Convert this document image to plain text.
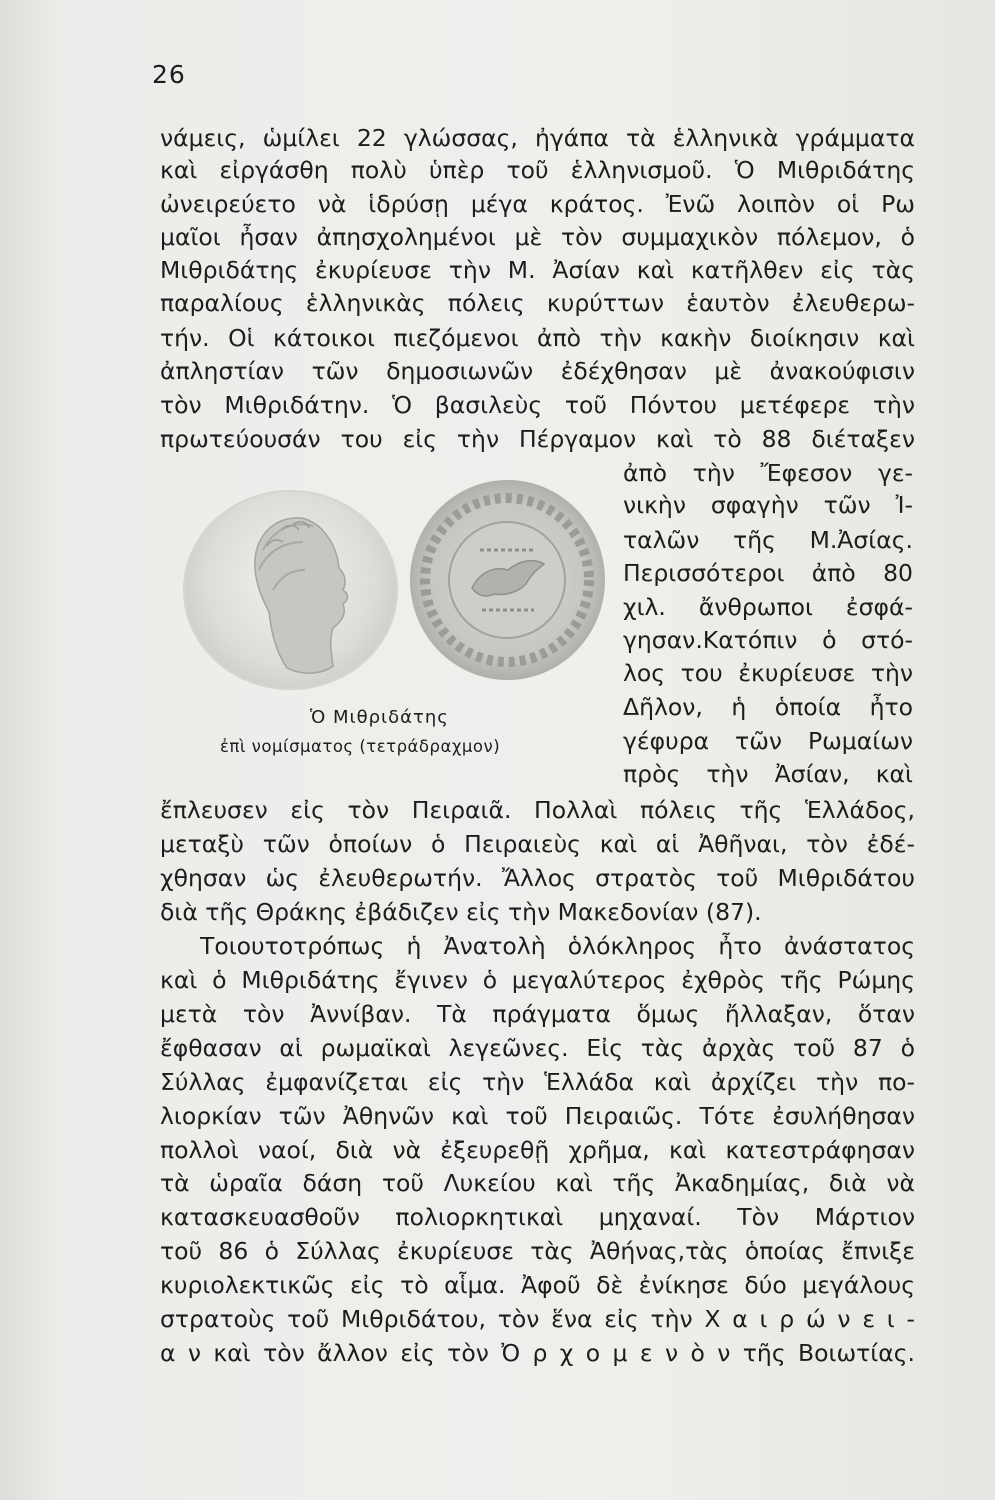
26
νάμεις, ὡμίλει 22 γλώσσας, ἠγάπα τὰ ἑλληνικὰ γράμματα
καὶ εἰργάσθη πολὺ ὑπὲρ τοῦ ἑλληνισμοῦ. Ὁ Μιθριδάτης
ὠνειρεύετο νὰ ἱδρύσῃ μέγα κράτος. Ἐνῶ λοιπὸν οἱ Ρω
μαῖοι ἦσαν ἀπησχολημένοι μὲ τὸν συμμαχικὸν πόλεμον, ὁ
Μιθριδάτης ἐκυρίευσε τὴν Μ. Ἀσίαν καὶ κατῆλθεν εἰς τὰς
παραλίους ἑλληνικὰς πόλεις κυρύττων ἑαυτὸν ἐλευθερω-
τήν. Οἱ κάτοικοι πιεζόμενοι ἀπὸ τὴν κακὴν διοίκησιν καὶ
ἀπληστίαν τῶν δημοσιωνῶν ἐδέχθησαν μὲ ἀνακούφισιν
τὸν Μιθριδάτην. Ὁ βασιλεὺς τοῦ Πόντου μετέφερε τὴν
πρωτεύουσάν του εἰς τὴν Πέργαμον καὶ τὸ 88 διέταξεν
ἀπὸ τὴν Ἔφεσον γε-
νικὴν σφαγὴν τῶν Ἰ-
ταλῶν τῆς Μ.Ἀσίας.
Περισσότεροι ἀπὸ 80
χιλ. ἄνθρωποι ἐσφά-
γησαν.Κατόπιν ὁ στό-
λος του ἐκυρίευσε τὴν
Δῆλον, ἡ ὁποία ἦτο
γέφυρα τῶν Ρωμαίων
πρὸς τὴν Ἀσίαν, καὶ
Ὁ Μιθριδάτης
ἐπὶ νομίσματος (τετράδραχμον)
ἔπλευσεν εἰς τὸν Πειραιᾶ. Πολλαὶ πόλεις τῆς Ἑλλάδος,
μεταξὺ τῶν ὁποίων ὁ Πειραιεὺς καὶ αἱ Ἀθῆναι, τὸν ἐδέ-
χθησαν ὡς ἐλευθερωτήν. Ἄλλος στρατὸς τοῦ Μιθριδάτου
διὰ τῆς Θράκης ἐβάδιζεν εἰς τὴν Μακεδονίαν (87).
Τοιουτοτρόπως ἡ Ἀνατολὴ ὁλόκληρος ἦτο ἀνάστατος
καὶ ὁ Μιθριδάτης ἔγινεν ὁ μεγαλύτερος ἐχθρὸς τῆς Ρώμης
μετὰ τὸν Ἀννίβαν. Τὰ πράγματα ὅμως ἤλλαξαν, ὅταν
ἔφθασαν αἱ ρωμαϊκαὶ λεγεῶνες. Εἰς τὰς ἀρχὰς τοῦ 87 ὁ
Σύλλας ἐμφανίζεται εἰς τὴν Ἑλλάδα καὶ ἀρχίζει τὴν πο-
λιορκίαν τῶν Ἀθηνῶν καὶ τοῦ Πειραιῶς. Τότε ἐσυλήθησαν
πολλοὶ ναοί, διὰ νὰ ἐξευρεθῇ χρῆμα, καὶ κατεστράφησαν
τὰ ὡραῖα δάση τοῦ Λυκείου καὶ τῆς Ἀκαδημίας, διὰ νὰ
κατασκευασθοῦν πολιορκητικαὶ μηχαναί. Τὸν Μάρτιον
τοῦ 86 ὁ Σύλλας ἐκυρίευσε τὰς Ἀθήνας,τὰς ὁποίας ἔπνιξε
κυριολεκτικῶς εἰς τὸ αἷμα. Ἀφοῦ δὲ ἐνίκησε δύο μεγάλους
στρατοὺς τοῦ Μιθριδάτου, τὸν ἕνα εἰς τὴν Χ α ι ρ ώ ν ε ι -
α ν καὶ τὸν ἄλλον εἰς τὸν Ὀ ρ χ ο μ ε ν ὸ ν τῆς Βοιωτίας.
